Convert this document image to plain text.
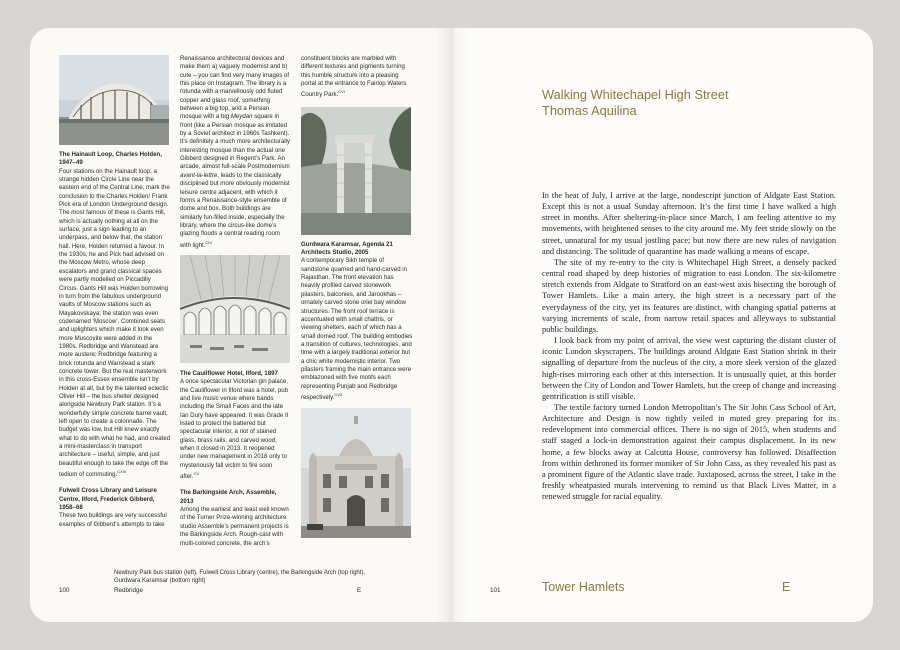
The Hainault Loop, Charles Holden, 1947–49

Four stations on the Hainault loop, a strange hidden Circle Line near the eastern end of the Central Line, mark the conclusion to the Charles Holden/ Frank Pick era of London Underground design. The most famous of these is Gants Hill, which is actually nothing at all on the surface, just a sign leading to an underpass, and below that, the station hall. Here, Holden returned a favour. In the 1930s, he and Pick had advised on the Moscow Metro, whose deep escalators and grand classical spaces were partly modelled on Piccadilly Circus. Gants Hill was Holden borrowing in turn from the fabulous underground vaults of Moscow stations such as Mayakovskaya; the station was even codenamed ‘Moscow’. Combined seats and uplighters which make it look even more Muscovite were added in the 1980s. Redbridge and Wanstead are more austere; Redbridge featuring a brick rotunda and Wanstead a stark concrete tower. But the real masterwork in this cross-Essex ensemble isn’t by Holden at all, but by the talented eclectic Oliver Hill – the bus shelter designed alongside Newbury Park station. It’s a wonderfully simple concrete barrel vault, left open to create a colonnade. The budget was low, but Hill knew exactly what to do with what he had, and created a mini-masterclass in transport architecture – useful, simple, and just beautiful enough to take the edge off the tedium of commuting.$^{CXIII}$

Fulwell Cross Library and Leisure Centre, Ilford, Frederick Gibberd, 1958–68

These two buildings are very successful examples of Gibberd’s attempts to take

Renaissance architectural devices and make them a) vaguely modernist and b) cute – you can find very many images of this place on Instagram. The library is a rotunda with a marvellously odd fluted copper and glass roof, something between a big top, and a Persian mosque with a big Meydan square in front (like a Persian mosque as imitated by a Soviet architect in 1960s Tashkent). It’s definitely a much more architecturally interesting mosque than the actual one Gibberd designed in Regent’s Park. An arcade, almost full-scale Postmodernism avant-la-lettre, leads to the classically disciplined but more obviously modernist leisure centre adjacent, with which it forms a Renaissance-style ensemble of dome and box. Both buildings are similarly fun-filled inside, especially the library, where the circus-like dome’s glazing floods a central reading room with light.$^{CIV}$

The Cauliflower Hotel, Ilford, 1897

A once spectacular Victorian gin palace, the Cauliflower in Ilford was a hotel, pub and live music venue where bands including the Small Faces and the late Ian Dury have appeared. It was Grade II listed to protect the battered but spectacular interior, a riot of stained glass, brass rails, and carved wood, when it closed in 2013. It reopened under new management in 2018 only to mysteriously fall victim to fire soon after.$^{CV}$

The Barkingside Arch, Assemble, 2013

Among the earliest and least well known of the Turner Prize-winning architecture studio Assemble’s permanent projects is the Barkingside Arch. Rough-cast with multi-colored concrete, the arch’s

constituent blocks are marbled with different textures and pigments turning this humble structure into a pleasing portal at the entrance to Fairlop Waters Country Park.$^{CVI}$

Gurdwara Karamsar, Agenda 21 Architects Studio, 2005

A contemporary Sikh temple of sandstone quarried and hand-carved in Rajasthan. The front elevation has heavily profiled carved stonework pilasters, balconies, and Jarookhas – ornately carved stone oriel bay window structures. The front roof terrace is accentuated with small chattris, or viewing shelters, each of which has a small domed roof. The building embodies a transition of cultures, technologies, and time with a largely traditional exterior but a chic white modernistic interior. Two pilasters framing the main entrance were emblazoned with five motifs each representing Punjab and Redbridge respectively.$^{CVII}$

Newbury Park bus station (left), Fulwell Cross Library (centre), the Barkingside Arch (top right), Gurdwara Karamsar (bottom right)

100	Redbridge	E
Walking Whitechapel High Street
Thomas Aquilina

In the heat of July, I arrive at the large, nondescript junction of Aldgate East Station. Except this is not a usual Sunday afternoon. It’s the first time I have walked a high street in months. After sheltering-in-place since March, I am feeling attentive to my movements, with heightened senses to the city around me. My feet stride slowly on the street, unnatural for my usual jostling pace; but now there are new rules of navigation and distancing. The solitude of quarantine has made walking a means of escape.

The site of my re-entry to the city is Whitechapel High Street, a densely packed central road shaped by deep histories of migration to east London. The six-kilometre stretch extends from Aldgate to Stratford on an east-west axis bisecting the borough of Tower Hamlets. Like a main artery, the high street is a necessary part of the everydayness of the city, yet its features are distinct, with changing spatial patterns at varying increments of scale, from narrow retail spaces and alleyways to substantial public buildings.

I look back from my point of arrival, the view west capturing the distant cluster of iconic London skyscrapers. The buildings around Aldgate East Station shrink in their signalling of departure from the nucleus of the city, a more sleek version of the glazed high-rises mirroring each other at this intersection. It is unusually quiet, at this border between the City of London and Tower Hamlets, but the creep of change and increasing gentrification is still visible.

The textile factory turned London Metropolitan’s The Sir John Cass School of Art, Architecture and Design is now tightly veiled in muted grey preparing for its redevelopment into commercial offices. There is no sign of 2015, when students and staff staged a lock-in demonstration against their campus displacement. In its new home, a few blocks away at Calcutta House, controversy has followed. Disaffection from within dethroned its former moniker of Sir John Cass, as they revealed his past as a prominent figure of the Atlantic slave trade. Juxtaposed, across the street, I take in the freshly wheatpasted murals intervening to remind us that Black Lives Matter, in a renewed struggle for racial equality.

101	Tower Hamlets	E
